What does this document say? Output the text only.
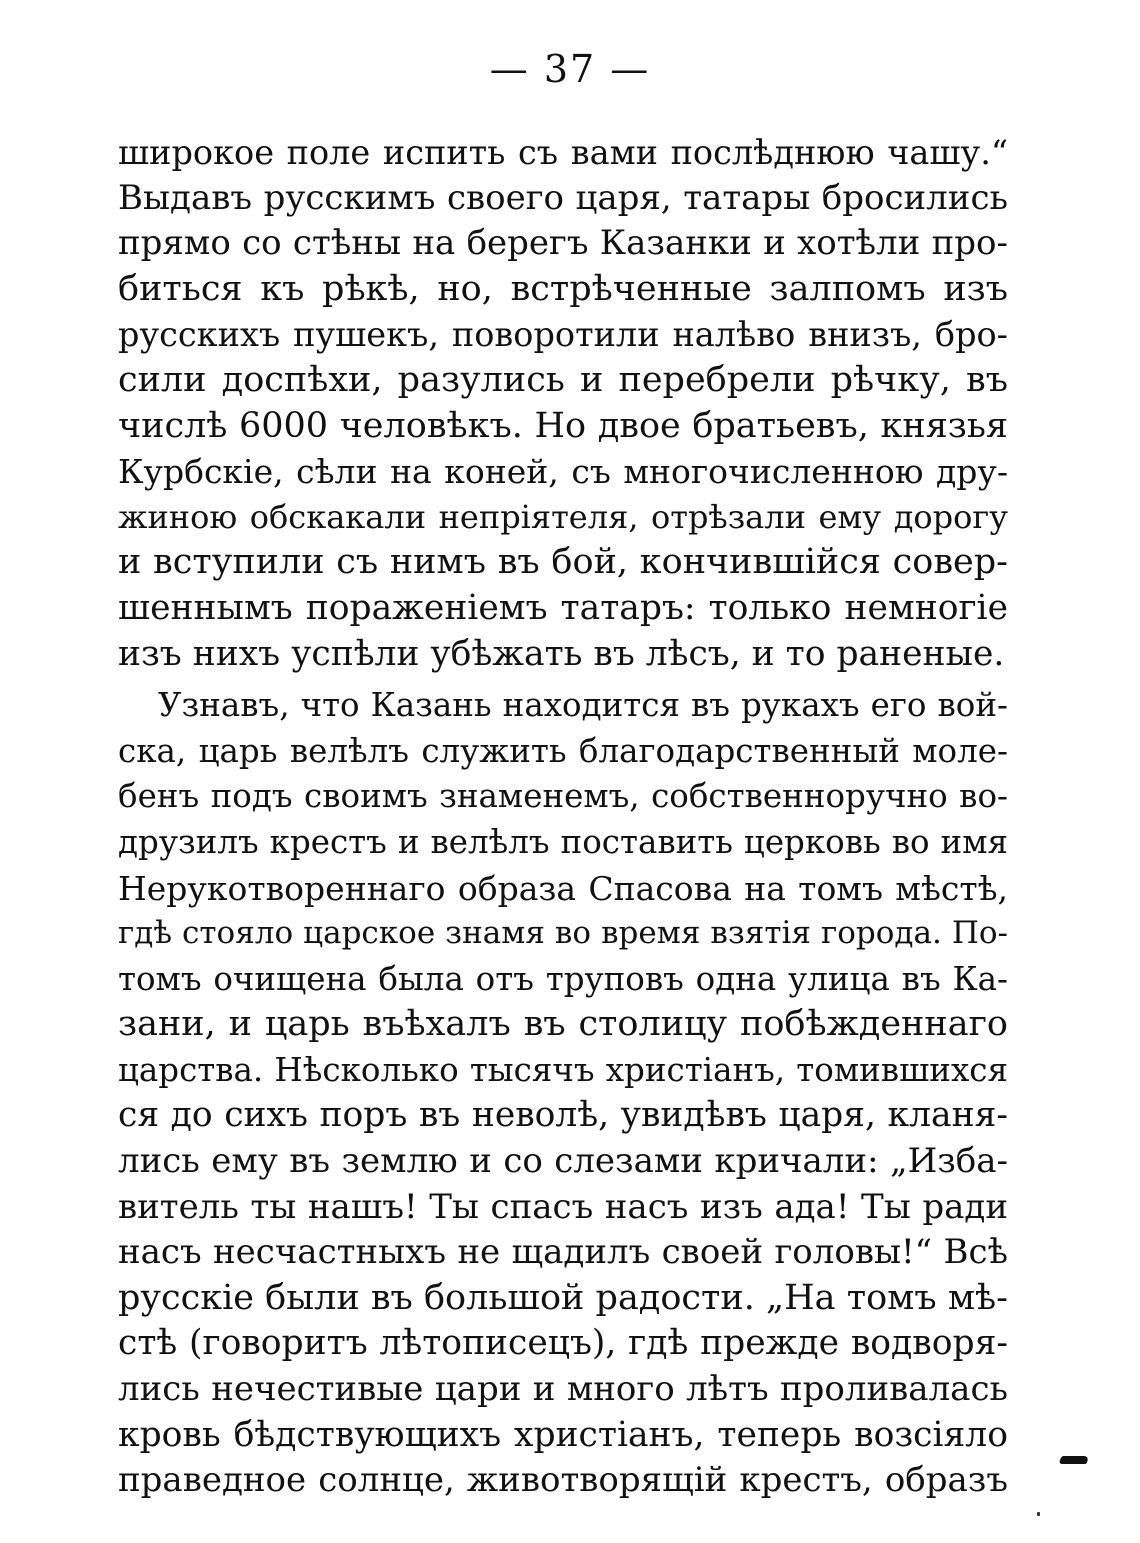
— 37 —
широкое поле испить съ вами послѣднюю чашу.“
Выдавъ русскимъ своего царя, татары бросились
прямо со стѣны на берегъ Казанки и хотѣли про-
биться къ рѣкѣ, но, встрѣченные залпомъ изъ
русскихъ пушекъ, поворотили налѣво внизъ, бро-
сили доспѣхи, разулись и перебрели рѣчку, въ
числѣ 6000 человѣкъ. Но двое братьевъ, князья
Курбскіе, сѣли на коней, съ многочисленною дру-
жиною обскакали непріятеля, отрѣзали ему дорогу
и вступили съ нимъ въ бой, кончившійся совер-
шеннымъ пораженіемъ татаръ: только немногіе
изъ нихъ успѣли убѣжать въ лѣсъ, и то раненые.
Узнавъ, что Казань находится въ рукахъ его вой-
ска, царь велѣлъ служить благодарственный моле-
бенъ подъ своимъ знаменемъ, собственноручно во-
друзилъ крестъ и велѣлъ поставить церковь во имя
Нерукотвореннаго образа Спасова на томъ мѣстѣ,
гдѣ стояло царское знамя во время взятія города. По-
томъ очищена была отъ труповъ одна улица въ Ка-
зани, и царь въѣхалъ въ столицу побѣжденнаго
царства. Нѣсколько тысячъ христіанъ, томившихся
ся до сихъ поръ въ неволѣ, увидѣвъ царя, кланя-
лись ему въ землю и со слезами кричали: „Избa-
витель ты нашъ! Ты спасъ насъ изъ ада! Ты ради
насъ несчастныхъ не щадилъ своей головы!“ Всѣ
русскіе были въ большой радости. „На томъ мѣ-
стѣ (говоритъ лѣтописецъ), гдѣ прежде водворя-
лись нечестивые цари и много лѣтъ проливалась
кровь бѣдствующихъ христіанъ, теперь возсіяло
праведное солнце, животворящій крестъ, образъ
